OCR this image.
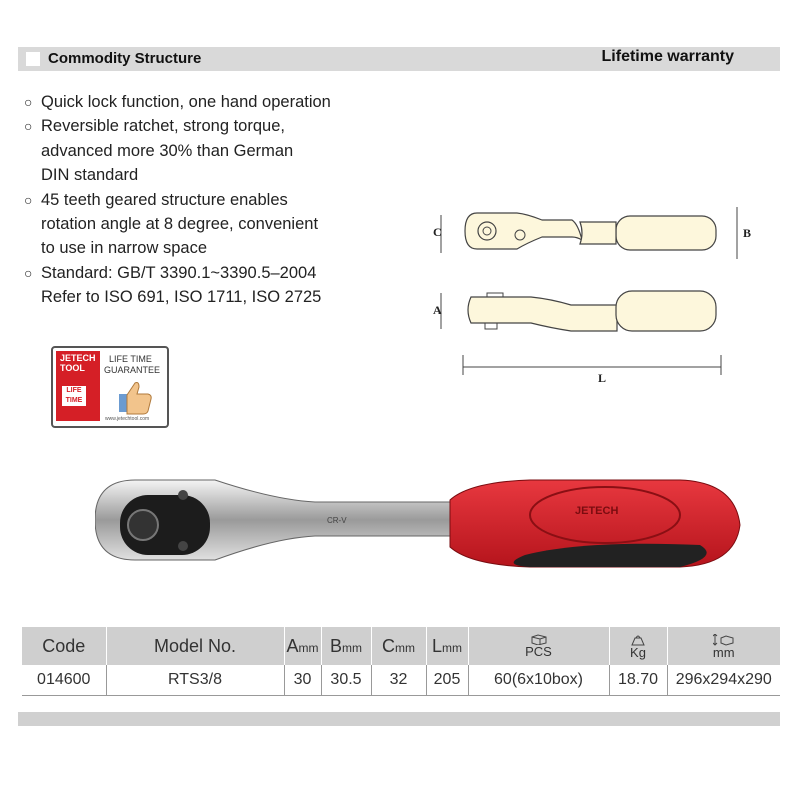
Commodity Structure	Lifetime warranty
○ Quick lock function, one hand operation
○ Reversible ratchet, strong torque,
advanced more 30% than German
DIN standard
○ 45 teeth geared structure enables
rotation angle at 8 degree, convenient
to use in narrow space
○ Standard: GB/T 3390.1~3390.5–2004
Refer to ISO 691, ISO 1711, ISO 2725
JETECH TOOL
LIFE TIME
LIFE TIME
GUARANTEE
www.jetechtool.com
C	B
A
L
JETECH
CR-V
Code	Model No.	Amm	Bmm	Cmm	Lmm	PCS	Kg	mm

014600	RTS3/8	30	30.5	32	205	60(6x10box)	18.70	296x294x290
